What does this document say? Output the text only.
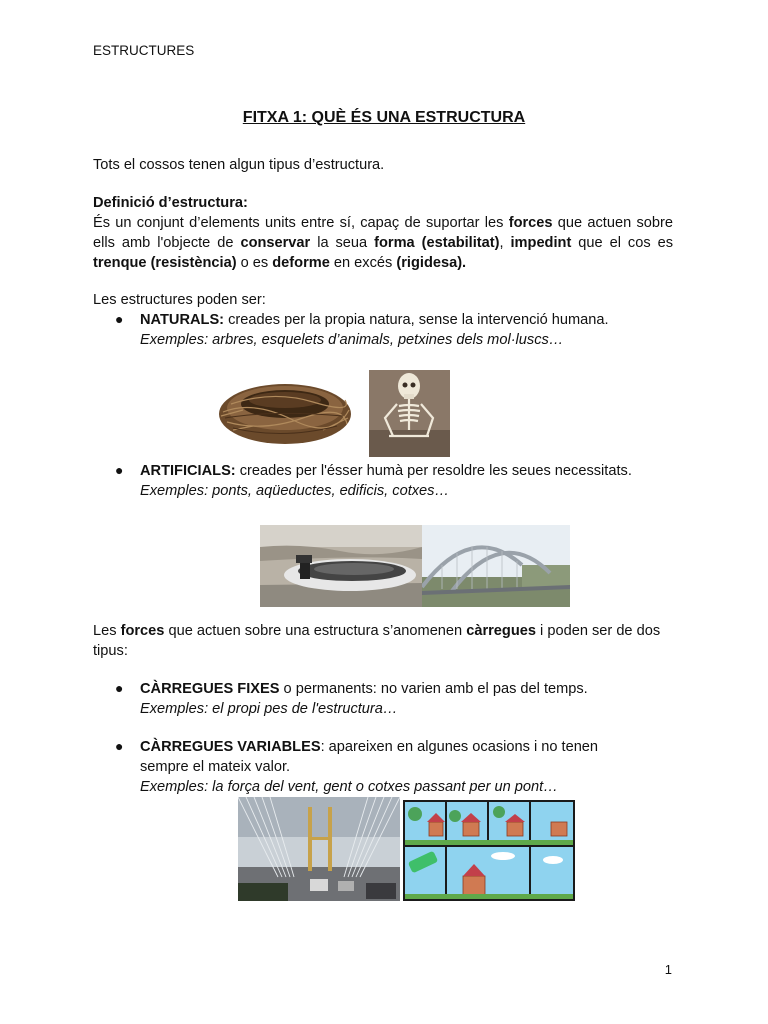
ESTRUCTURES
FITXA 1: QUÈ ÉS UNA ESTRUCTURA
Tots el cossos tenen algun tipus d’estructura.
Definició d’estructura:
És un conjunt d’elements units entre sí, capaç de suportar les forces que actuen sobre ells amb l'objecte de conservar la seua forma (estabilitat), impedint que el cos es trenque (resistència) o es deforme en excés (rigidesa).
Les estructures poden ser:
● NATURALS: creades per la propia natura, sense la intervenció humana.
Exemples: arbres, esquelets d’animals, petxines dels mol·luscs…
● ARTIFICIALS: creades per l'ésser humà per resoldre les seues necessitats.
Exemples: ponts, aqüeductes, edificis, cotxes…
Les forces que actuen sobre una estructura s’anomenen càrregues i poden ser de dos tipus:
● CÀRREGUES FIXES o permanents: no varien amb el pas del temps.
Exemples: el propi pes de l'estructura…
● CÀRREGUES VARIABLES: apareixen en algunes ocasions i no tenen sempre el mateix valor.
Exemples: la força del vent, gent o cotxes passant per un pont…
1
